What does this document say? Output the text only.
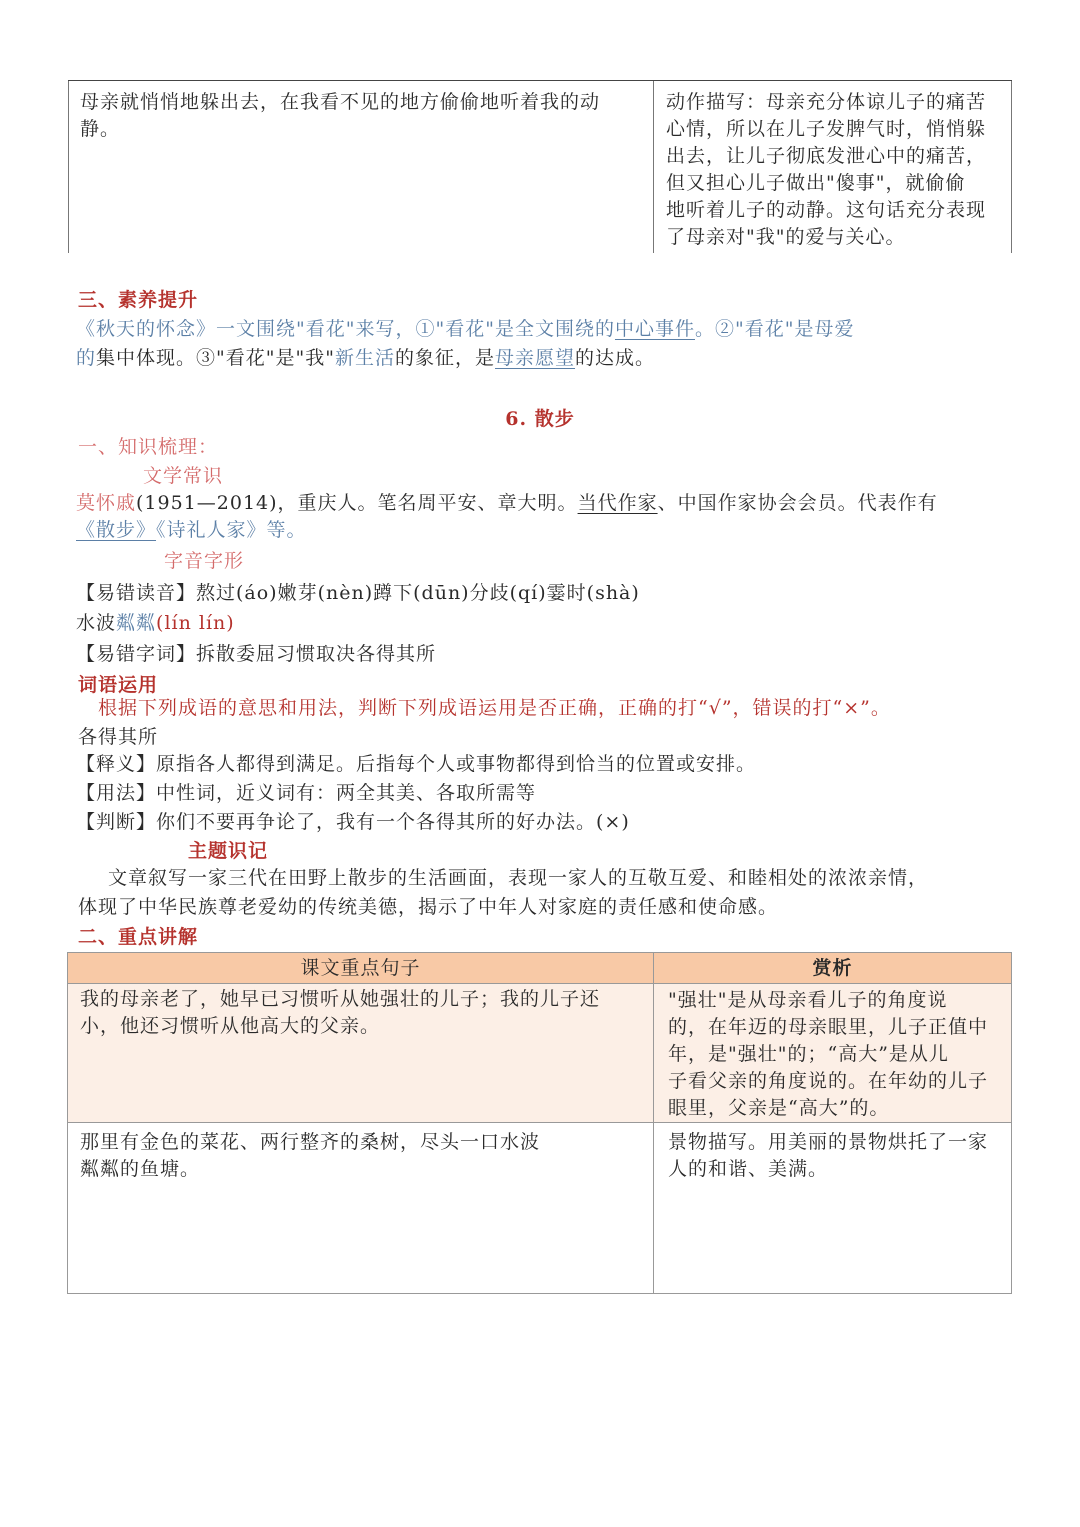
母亲就悄悄地躲出去，在我看不见的地方偷偷地听着我的动
静。
动作描写：母亲充分体谅儿子的痛苦
心情，所以在儿子发脾气时，悄悄躲
出去，让儿子彻底发泄心中的痛苦，
但又担心儿子做出"傻事"，就偷偷
地听着儿子的动静。这句话充分表现
了母亲对"我"的爱与关心。
三、素养提升
《秋天的怀念》一文围绕"看花"来写，①"看花"是全文围绕的中心事件。②"看花"是母爱
的集中体现。③"看花"是"我"新生活的象征，是母亲愿望的达成。
6. 散步
一、知识梳理：
文学常识
莫怀戚(1951—2014)，重庆人。笔名周平安、章大明。当代作家、中国作家协会会员。代表作有
《散步》《诗礼人家》等。
字音字形
【易错读音】熬过(áo)嫩芽(nèn)蹲下(dūn)分歧(qí)霎时(shà)
水波粼粼(lín lín)
【易错字词】拆散委屈习惯取决各得其所
词语运用
根据下列成语的意思和用法，判断下列成语运用是否正确，正确的打“√”，错误的打“×”。
各得其所
【释义】原指各人都得到满足。后指每个人或事物都得到恰当的位置或安排。
【用法】中性词，近义词有：两全其美、各取所需等
【判断】你们不要再争论了，我有一个各得其所的好办法。(×)
主题识记
文章叙写一家三代在田野上散步的生活画面，表现一家人的互敬互爱、和睦相处的浓浓亲情，
体现了中华民族尊老爱幼的传统美德，揭示了中年人对家庭的责任感和使命感。
二、重点讲解
课文重点句子	赏析
我的母亲老了，她早已习惯听从她强壮的儿子；我的儿子还
小，他还习惯听从他高大的父亲。
"强壮"是从母亲看儿子的角度说
的，在年迈的母亲眼里，儿子正值中
年，是"强壮"的；“高大”是从儿
子看父亲的角度说的。在年幼的儿子
眼里，父亲是“高大”的。
那里有金色的菜花、两行整齐的桑树，尽头一口水波
粼粼的鱼塘。
景物描写。用美丽的景物烘托了一家
人的和谐、美满。
